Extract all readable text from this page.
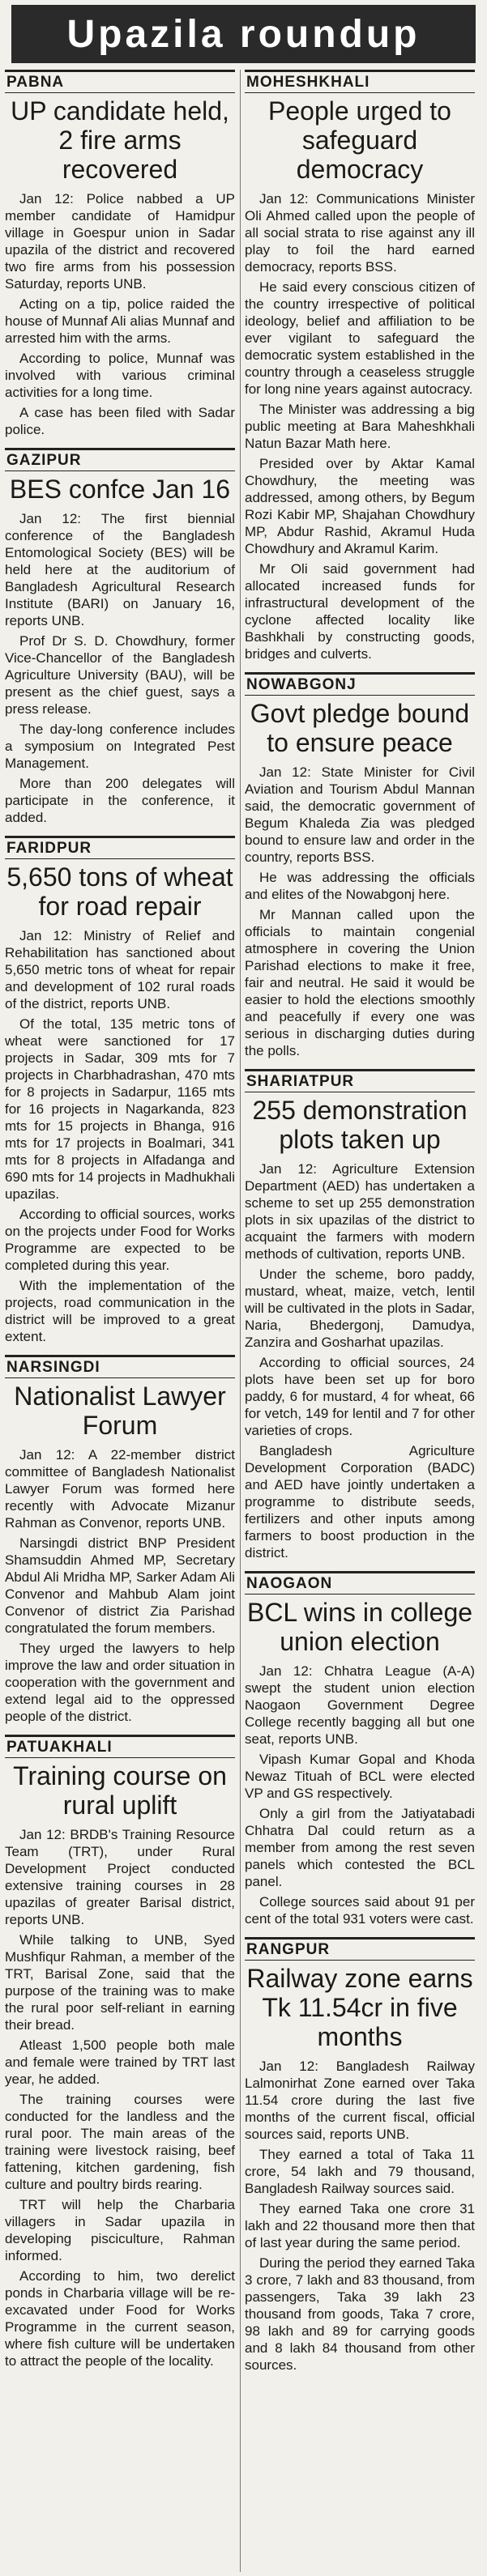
Upazila roundup
PABNA
UP candidate held, 2 fire arms recovered

Jan 12: Police nabbed a UP member candidate of Hamidpur village in Goespur union in Sadar upazila of the district and recovered two fire arms from his possession Saturday, reports UNB.

Acting on a tip, police raided the house of Munnaf Ali alias Munnaf and arrested him with the arms.

According to police, Munnaf was involved with various criminal activities for a long time.

A case has been filed with Sadar police.

GAZIPUR
BES confce Jan 16

Jan 12: The first biennial conference of the Bangladesh Entomological Society (BES) will be held here at the auditorium of Bangladesh Agricultural Research Institute (BARI) on January 16, reports UNB.

Prof Dr S. D. Chowdhury, former Vice-Chancellor of the Bangladesh Agriculture University (BAU), will be present as the chief guest, says a press release.

The day-long conference includes a symposium on Integrated Pest Management.

More than 200 delegates will participate in the conference, it added.

FARIDPUR
5,650 tons of wheat for road repair

Jan 12: Ministry of Relief and Rehabilitation has sanctioned about 5,650 metric tons of wheat for repair and development of 102 rural roads of the district, reports UNB.

Of the total, 135 metric tons of wheat were sanctioned for 17 projects in Sadar, 309 mts for 7 projects in Charbhadrashan, 470 mts for 8 projects in Sadarpur, 1165 mts for 16 projects in Nagarkanda, 823 mts for 15 projects in Bhanga, 916 mts for 17 projects in Boalmari, 341 mts for 8 projects in Alfadanga and 690 mts for 14 projects in Madhukhali upazilas.

According to official sources, works on the projects under Food for Works Programme are expected to be completed during this year.

With the implementation of the projects, road communication in the district will be improved to a great extent.

NARSINGDI
Nationalist Lawyer Forum

Jan 12: A 22-member district committee of Bangladesh Nationalist Lawyer Forum was formed here recently with Advocate Mizanur Rahman as Convenor, reports UNB.

Narsingdi district BNP President Shamsuddin Ahmed MP, Secretary Abdul Ali Mridha MP, Sarker Adam Ali Convenor and Mahbub Alam joint Convenor of district Zia Parishad congratulated the forum members.

They urged the lawyers to help improve the law and order situation in cooperation with the government and extend legal aid to the oppressed people of the district.

PATUAKHALI
Training course on rural uplift

Jan 12: BRDB's Training Resource Team (TRT), under Rural Development Project conducted extensive training courses in 28 upazilas of greater Barisal district, reports UNB.

While talking to UNB, Syed Mushfiqur Rahman, a member of the TRT, Barisal Zone, said that the purpose of the training was to make the rural poor self-reliant in earning their bread.

Atleast 1,500 people both male and female were trained by TRT last year, he added.

The training courses were conducted for the landless and the rural poor. The main areas of the training were livestock raising, beef fattening, kitchen gardening, fish culture and poultry birds rearing.

TRT will help the Charbaria villagers in Sadar upazila in developing pisciculture, Rahman informed.

According to him, two derelict ponds in Charbaria village will be re-excavated under Food for Works Programme in the current season, where fish culture will be undertaken to attract the people of the locality.

MOHESHKHALI
People urged to safeguard democracy

Jan 12: Communications Minister Oli Ahmed called upon the people of all social strata to rise against any ill play to foil the hard earned democracy, reports BSS.

He said every conscious citizen of the country irrespective of political ideology, belief and affiliation to be ever vigilant to safeguard the democratic system established in the country through a ceaseless struggle for long nine years against autocracy.

The Minister was addressing a big public meeting at Bara Maheshkhali Natun Bazar Math here.

Presided over by Aktar Kamal Chowdhury, the meeting was addressed, among others, by Begum Rozi Kabir MP, Shajahan Chowdhury MP, Abdur Rashid, Akramul Huda Chowdhury and Akramul Karim.

Mr Oli said government had allocated increased funds for infrastructural development of the cyclone affected locality like Bashkhali by constructing goods, bridges and culverts.

NOWABGONJ
Govt pledge bound to ensure peace

Jan 12: State Minister for Civil Aviation and Tourism Abdul Mannan said, the democratic government of Begum Khaleda Zia was pledged bound to ensure law and order in the country, reports BSS.

He was addressing the officials and elites of the Nowabgonj here.

Mr Mannan called upon the officials to maintain congenial atmosphere in covering the Union Parishad elections to make it free, fair and neutral. He said it would be easier to hold the elections smoothly and peacefully if every one was serious in discharging duties during the polls.

SHARIATPUR
255 demonstration plots taken up

Jan 12: Agriculture Extension Department (AED) has undertaken a scheme to set up 255 demonstration plots in six upazilas of the district to acquaint the farmers with modern methods of cultivation, reports UNB.

Under the scheme, boro paddy, mustard, wheat, maize, vetch, lentil will be cultivated in the plots in Sadar, Naria, Bhedergonj, Damudya, Zanzira and Gosharhat upazilas.

According to official sources, 24 plots have been set up for boro paddy, 6 for mustard, 4 for wheat, 66 for vetch, 149 for lentil and 7 for other varieties of crops.

Bangladesh Agriculture Development Corporation (BADC) and AED have jointly undertaken a programme to distribute seeds, fertilizers and other inputs among farmers to boost production in the district.

NAOGAON
BCL wins in college union election

Jan 12: Chhatra League (A-A) swept the student union election Naogaon Government Degree College recently bagging all but one seat, reports UNB.

Vipash Kumar Gopal and Khoda Newaz Tituah of BCL were elected VP and GS respectively.

Only a girl from the Jatiyatabadi Chhatra Dal could return as a member from among the rest seven panels which contested the BCL panel.

College sources said about 91 per cent of the total 931 voters were cast.

RANGPUR
Railway zone earns Tk 11.54cr in five months

Jan 12: Bangladesh Railway Lalmonirhat Zone earned over Taka 11.54 crore during the last five months of the current fiscal, official sources said, reports UNB.

They earned a total of Taka 11 crore, 54 lakh and 79 thousand, Bangladesh Railway sources said.

They earned Taka one crore 31 lakh and 22 thousand more then that of last year during the same period.

During the period they earned Taka 3 crore, 7 lakh and 83 thousand, from passengers, Taka 39 lakh 23 thousand from goods, Taka 7 crore, 98 lakh and 89 for carrying goods and 8 lakh 84 thousand from other sources.
